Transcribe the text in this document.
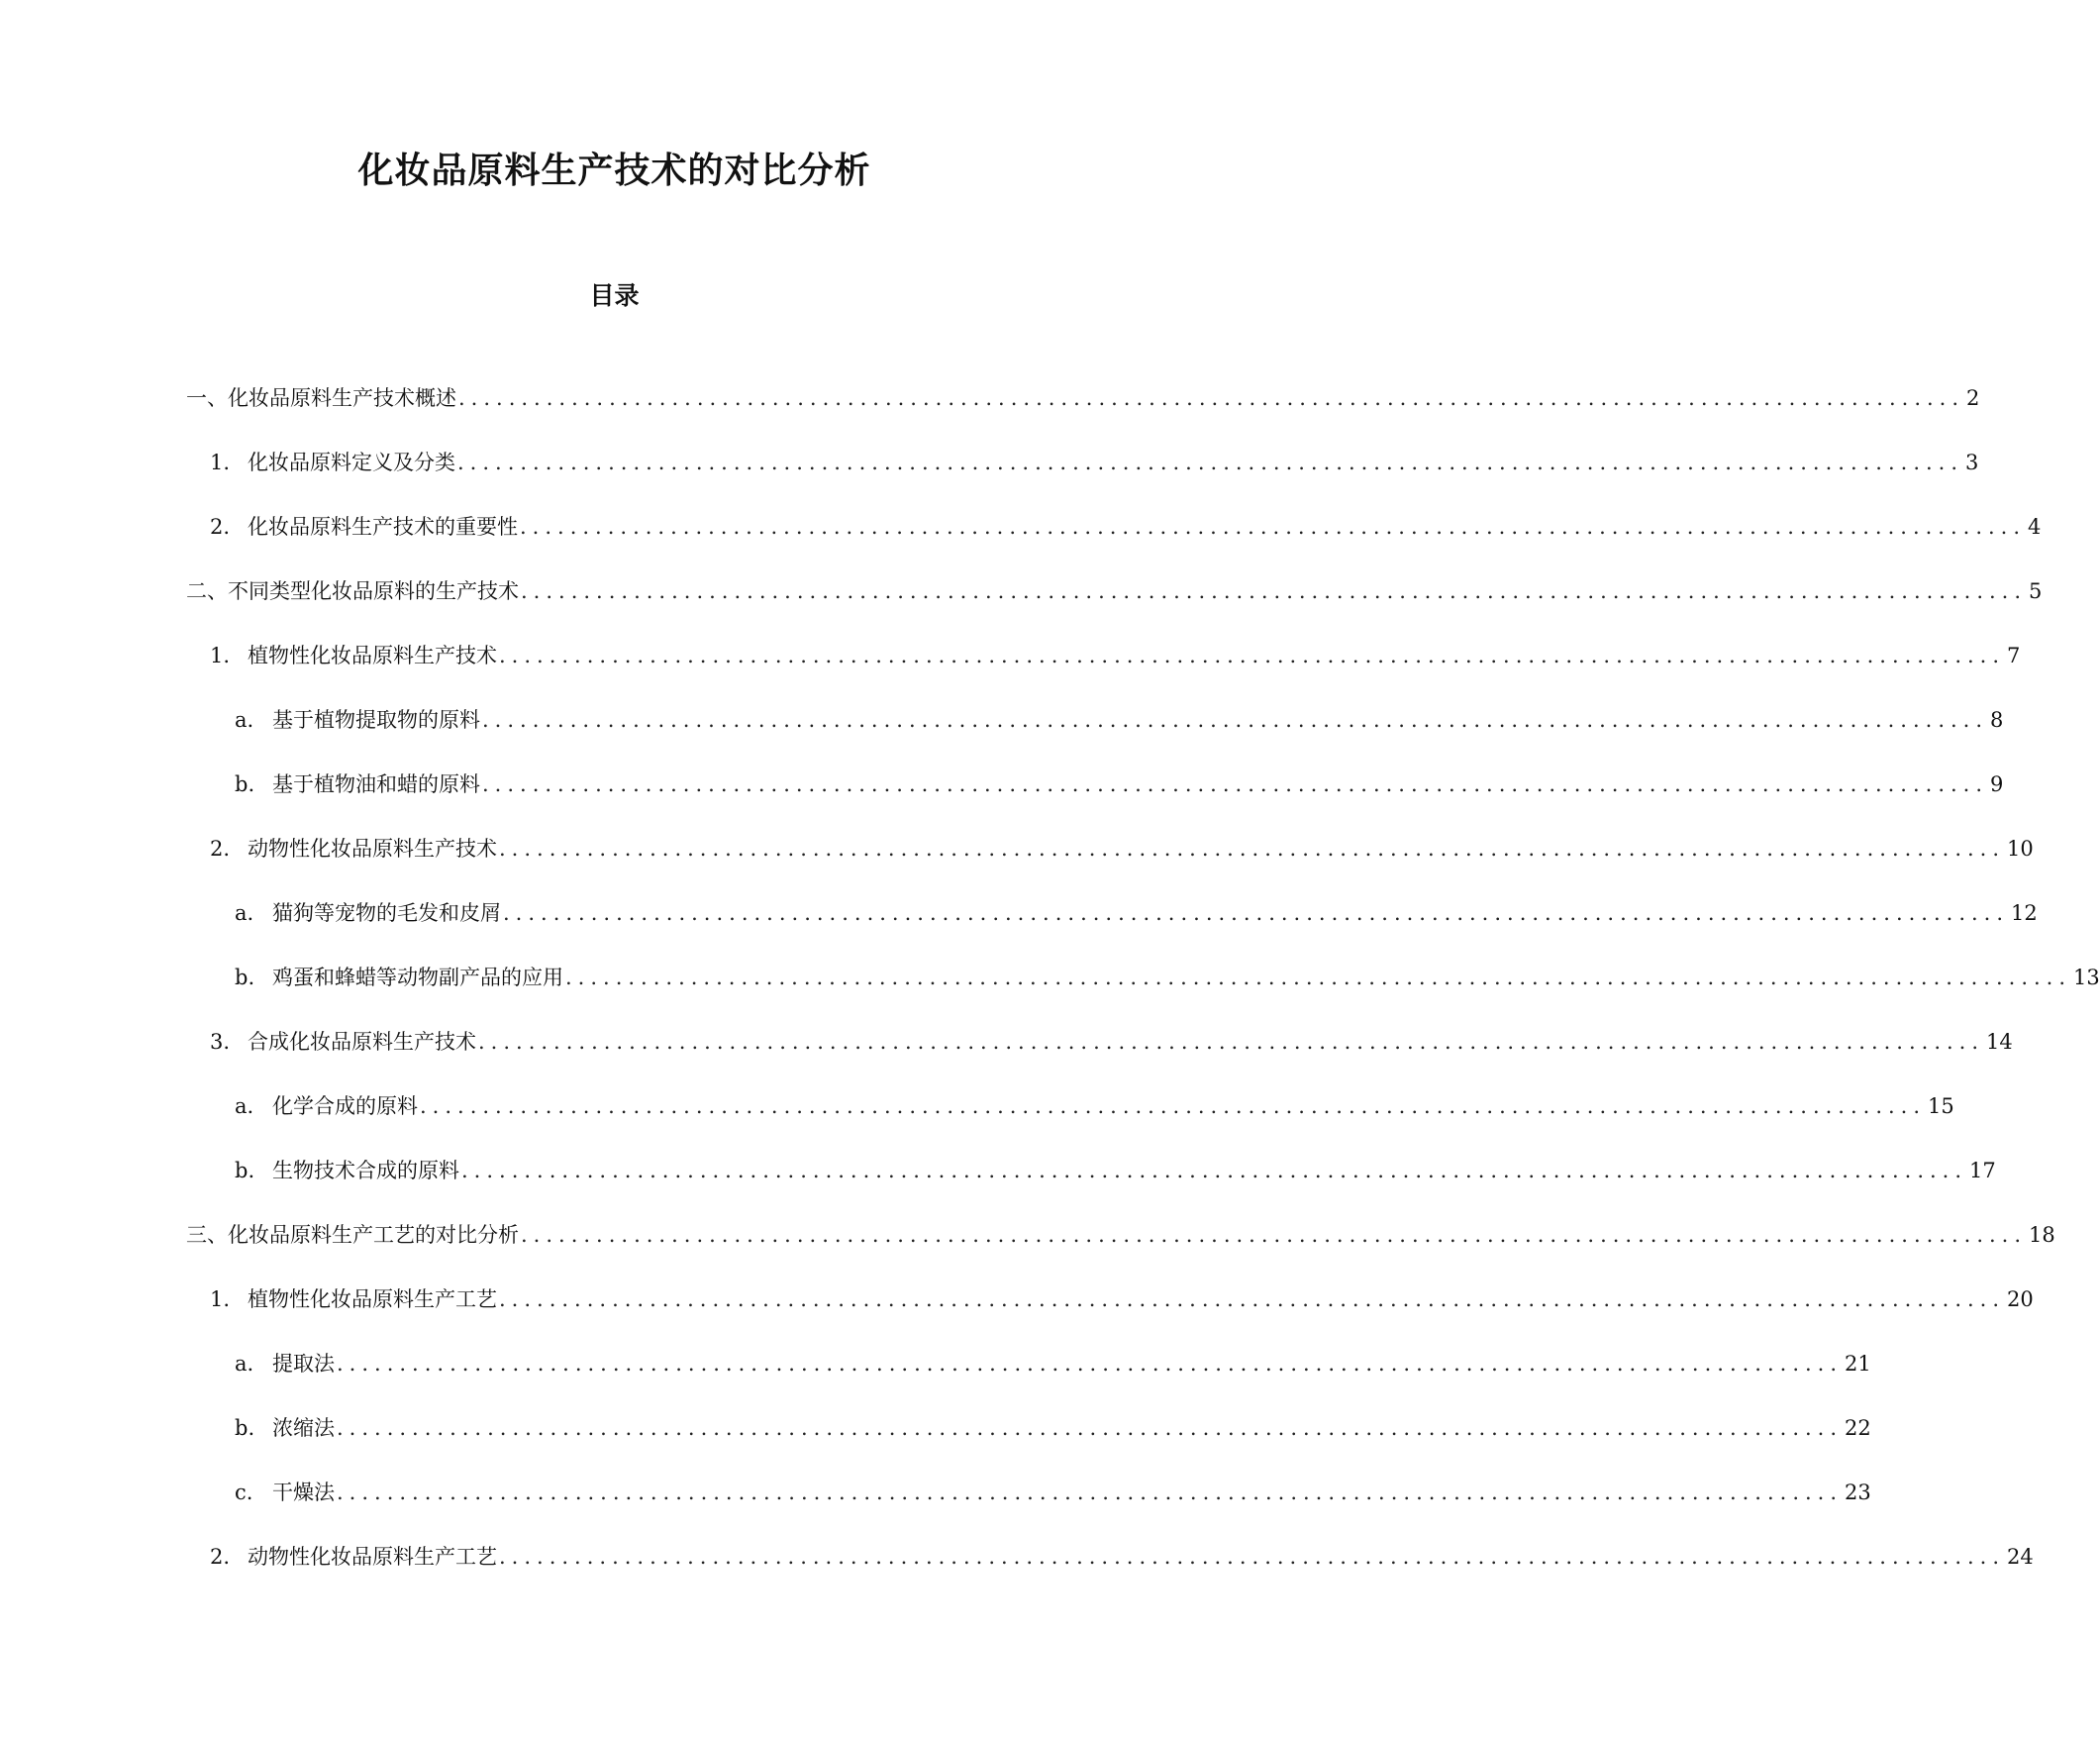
化妆品原料生产技术的对比分析
目录
一、 化妆品原料生产技术概述 ........................................................................................................................ 2
1. 化妆品原料定义及分类 ........................................................................................................................ 3
2. 化妆品原料生产技术的重要性 ........................................................................................................................ 4
二、 不同类型化妆品原料的生产技术 ........................................................................................................................ 5
1. 植物性化妆品原料生产技术 ........................................................................................................................ 7
a. 基于植物提取物的原料 ........................................................................................................................ 8
b. 基于植物油和蜡的原料 ........................................................................................................................ 9
2. 动物性化妆品原料生产技术 ........................................................................................................................ 10
a. 猫狗等宠物的毛发和皮屑 ........................................................................................................................ 12
b. 鸡蛋和蜂蜡等动物副产品的应用 ........................................................................................................................ 13
3. 合成化妆品原料生产技术 ........................................................................................................................ 14
a. 化学合成的原料 ........................................................................................................................ 15
b. 生物技术合成的原料 ........................................................................................................................ 17
三、 化妆品原料生产工艺的对比分析 ........................................................................................................................ 18
1. 植物性化妆品原料生产工艺 ........................................................................................................................ 20
a. 提取法 ........................................................................................................................ 21
b. 浓缩法 ........................................................................................................................ 22
c. 干燥法 ........................................................................................................................ 23
2. 动物性化妆品原料生产工艺 ........................................................................................................................ 24
